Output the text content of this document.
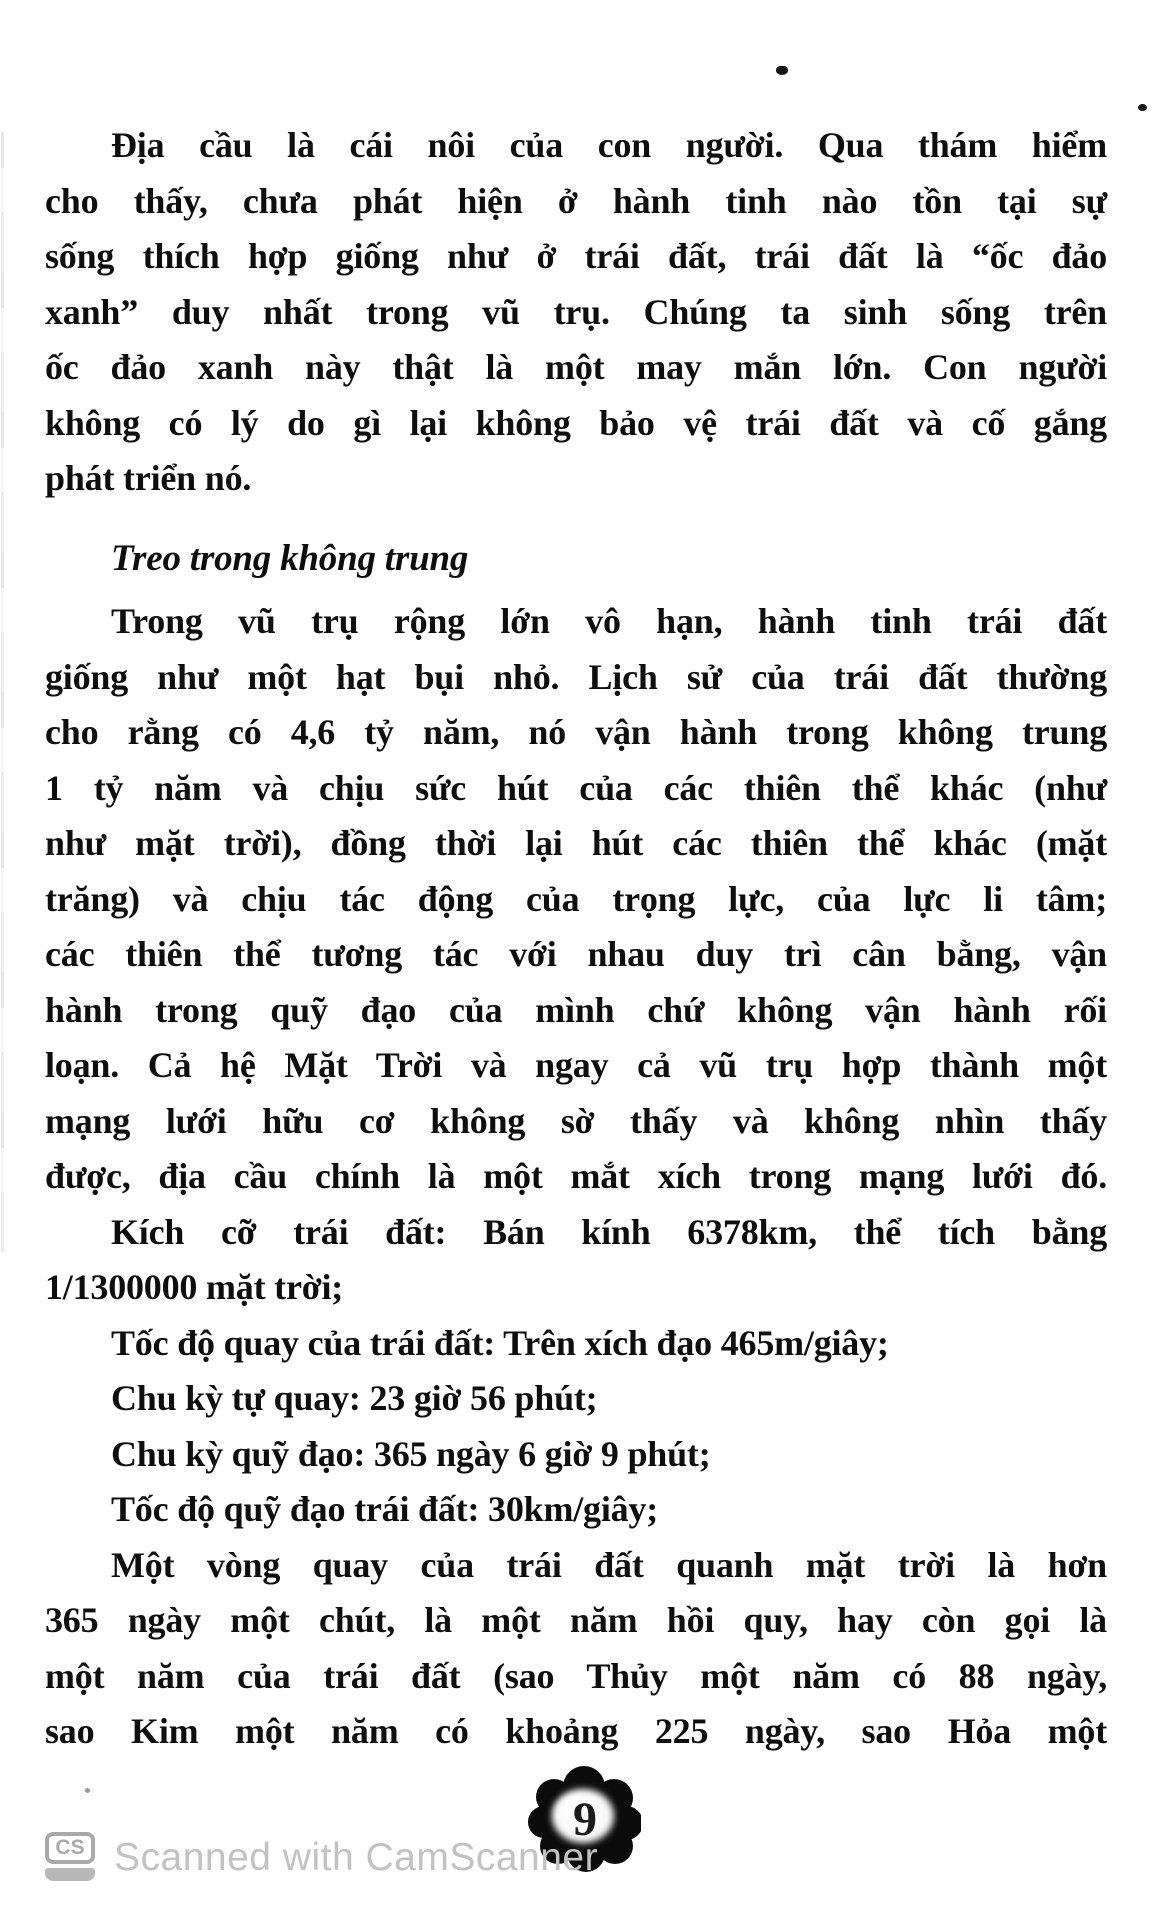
Địa cầu là cái nôi của con người. Qua thám hiểm
cho thấy, chưa phát hiện ở hành tinh nào tồn tại sự
sống thích hợp giống như ở trái đất, trái đất là “ốc đảo
xanh” duy nhất trong vũ trụ. Chúng ta sinh sống trên
ốc đảo xanh này thật là một may mắn lớn. Con người
không có lý do gì lại không bảo vệ trái đất và cố gắng
phát triển nó.
Treo trong không trung
Trong vũ trụ rộng lớn vô hạn, hành tinh trái đất
giống như một hạt bụi nhỏ. Lịch sử của trái đất thường
cho rằng có 4,6 tỷ năm, nó vận hành trong không trung
1 tỷ năm và chịu sức hút của các thiên thể khác (như
như mặt trời), đồng thời lại hút các thiên thể khác (mặt
trăng) và chịu tác động của trọng lực, của lực li tâm;
các thiên thể tương tác với nhau duy trì cân bằng, vận
hành trong quỹ đạo của mình chứ không vận hành rối
loạn. Cả hệ Mặt Trời và ngay cả vũ trụ hợp thành một
mạng lưới hữu cơ không sờ thấy và không nhìn thấy
được, địa cầu chính là một mắt xích trong mạng lưới đó.
Kích cỡ trái đất: Bán kính 6378km, thể tích bằng
1/1300000 mặt trời;
Tốc độ quay của trái đất: Trên xích đạo 465m/giây;
Chu kỳ tự quay: 23 giờ 56 phút;
Chu kỳ quỹ đạo: 365 ngày 6 giờ 9 phút;
Tốc độ quỹ đạo trái đất: 30km/giây;
Một vòng quay của trái đất quanh mặt trời là hơn
365 ngày một chút, là một năm hồi quy, hay còn gọi là
một năm của trái đất (sao Thủy một năm có 88 ngày,
sao Kim một năm có khoảng 225 ngày, sao Hỏa một
9
CS Scanned with CamScanner
